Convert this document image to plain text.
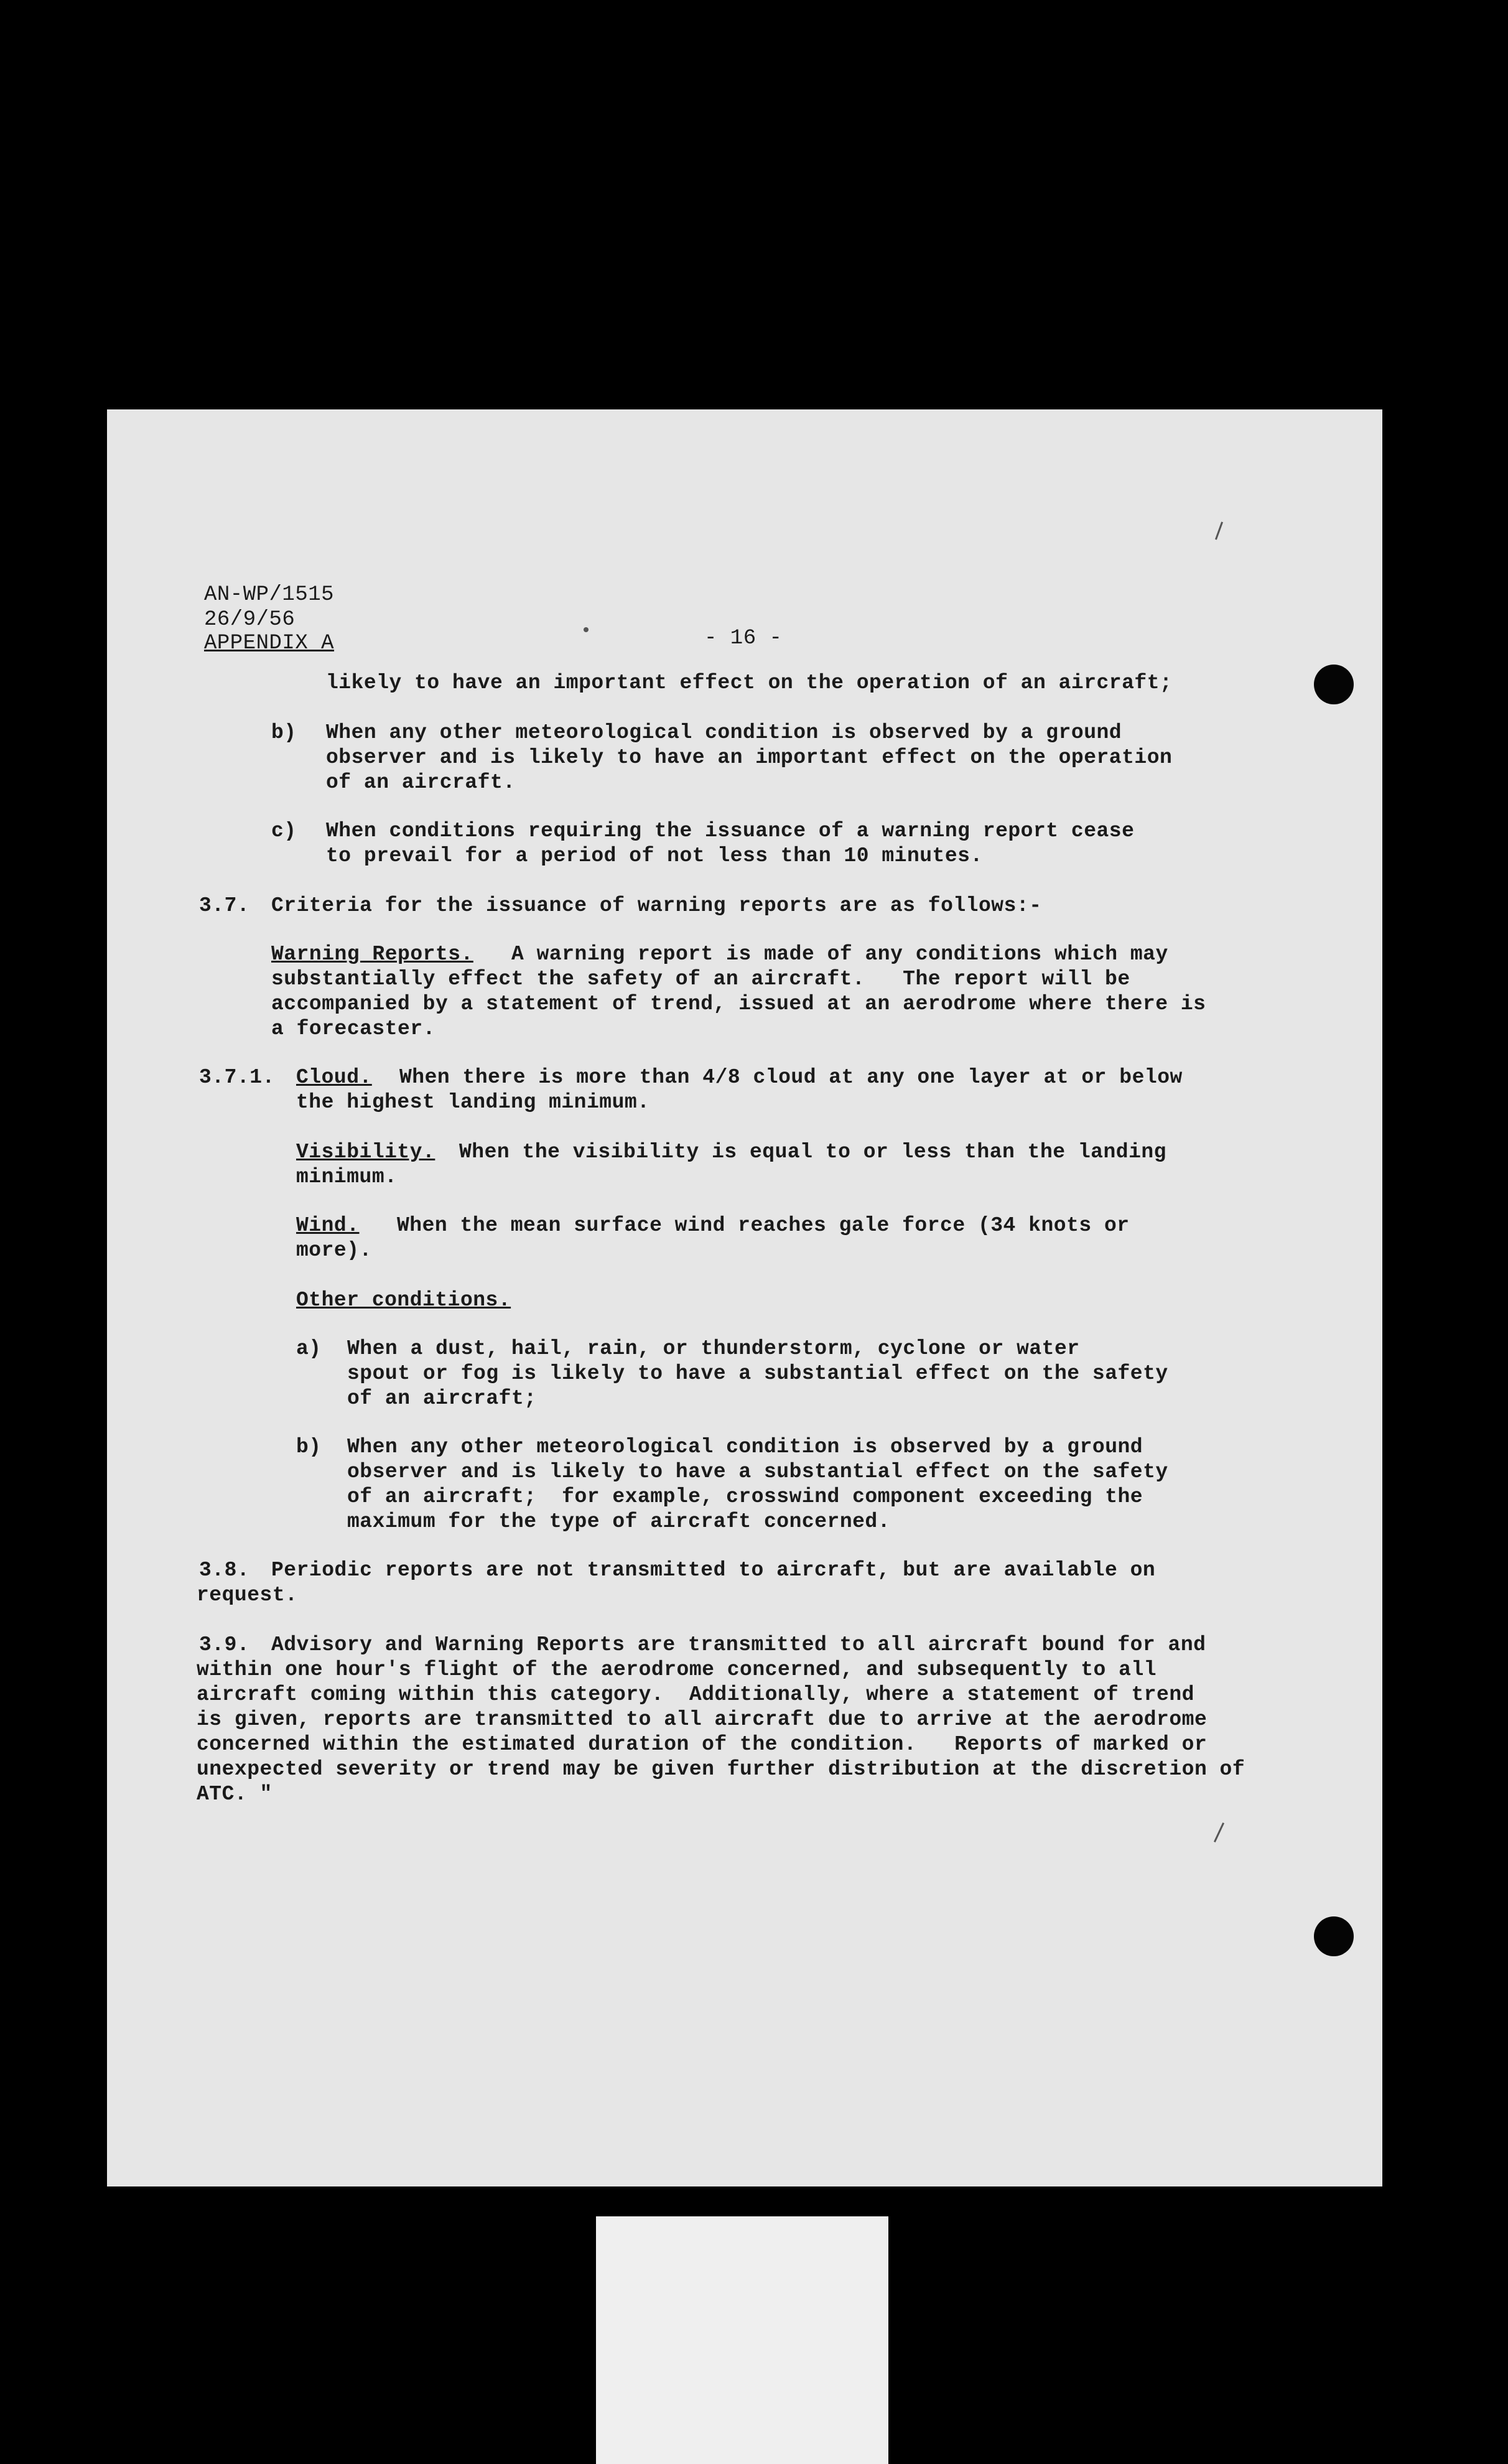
AN-WP/1515

26/9/56

APPENDIX A	- 16 -

likely to have an important effect on the operation of an aircraft;

b) When any other meteorological condition is observed by a ground

observer and is likely to have an important effect on the operation

of an aircraft.

c) When conditions requiring the issuance of a warning report cease

to prevail for a period of not less than 10 minutes.

3.7. Criteria for the issuance of warning reports are as follows:-

Warning Reports. A warning report is made of any conditions which may

substantially effect the safety of an aircraft.   The report will be

accompanied by a statement of trend, issued at an aerodrome where there is

a forecaster.

3.7.1. Cloud. When there is more than 4/8 cloud at any one layer at or below

the highest landing minimum.

Visibility. When the visibility is equal to or less than the landing

minimum.

Wind. When the mean surface wind reaches gale force (34 knots or

more).

Other conditions.

a) When a dust, hail, rain, or thunderstorm, cyclone or water

spout or fog is likely to have a substantial effect on the safety

of an aircraft;

b) When any other meteorological condition is observed by a ground

observer and is likely to have a substantial effect on the safety

of an aircraft;  for example, crosswind component exceeding the

maximum for the type of aircraft concerned.

3.8. Periodic reports are not transmitted to aircraft, but are available on

request.

3.9. Advisory and Warning Reports are transmitted to all aircraft bound for and

within one hour's flight of the aerodrome concerned, and subsequently to all

aircraft coming within this category.  Additionally, where a statement of trend

is given, reports are transmitted to all aircraft due to arrive at the aerodrome

concerned within the estimated duration of the condition.   Reports of marked or

unexpected severity or trend may be given further distribution at the discretion of

ATC. "
